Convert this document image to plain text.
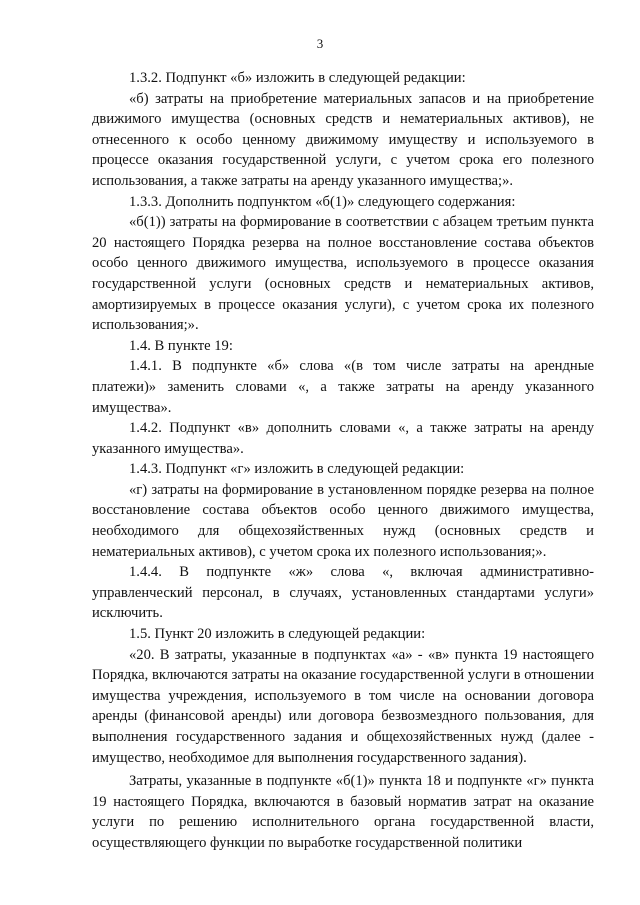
3

1.3.2. Подпункт «б» изложить в следующей редакции:

«б) затраты на приобретение материальных запасов и на приобретение движимого имущества (основных средств и нематериальных активов), не отнесенного к особо ценному движимому имуществу и используемого в процессе оказания государственной услуги, с учетом срока его полезного использования, а также затраты на аренду указанного имущества;».

1.3.3. Дополнить подпунктом «б(1)» следующего содержания:

«б(1)) затраты на формирование в соответствии с абзацем третьим пункта 20 настоящего Порядка резерва на полное восстановление состава объектов особо ценного движимого имущества, используемого в процессе оказания государственной услуги (основных средств и нематериальных активов, амортизируемых в процессе оказания услуги), с учетом срока их полезного использования;».

1.4. В пункте 19:

1.4.1. В подпункте «б» слова «(в том числе затраты на арендные платежи)» заменить словами «, а также затраты на аренду указанного имущества».

1.4.2. Подпункт «в» дополнить словами «, а также затраты на аренду указанного имущества».

1.4.3. Подпункт «г» изложить в следующей редакции:

«г) затраты на формирование в установленном порядке резерва на полное восстановление состава объектов особо ценного движимого имущества, необходимого для общехозяйственных нужд (основных средств и нематериальных активов), с учетом срока их полезного использования;».

1.4.4. В подпункте «ж» слова «, включая административно-управленческий персонал, в случаях, установленных стандартами услуги» исключить.

1.5. Пункт 20 изложить в следующей редакции:

«20. В затраты, указанные в подпунктах «а» - «в» пункта 19 настоящего Порядка, включаются затраты на оказание государственной услуги в отношении имущества учреждения, используемого в том числе на основании договора аренды (финансовой аренды) или договора безвозмездного пользования, для выполнения государственного задания и общехозяйственных нужд (далее - имущество, необходимое для выполнения государственного задания).

Затраты, указанные в подпункте «б(1)» пункта 18 и подпункте «г» пункта 19 настоящего Порядка, включаются в базовый норматив затрат на оказание услуги по решению исполнительного органа государственной власти, осуществляющего функции по выработке государственной политики
